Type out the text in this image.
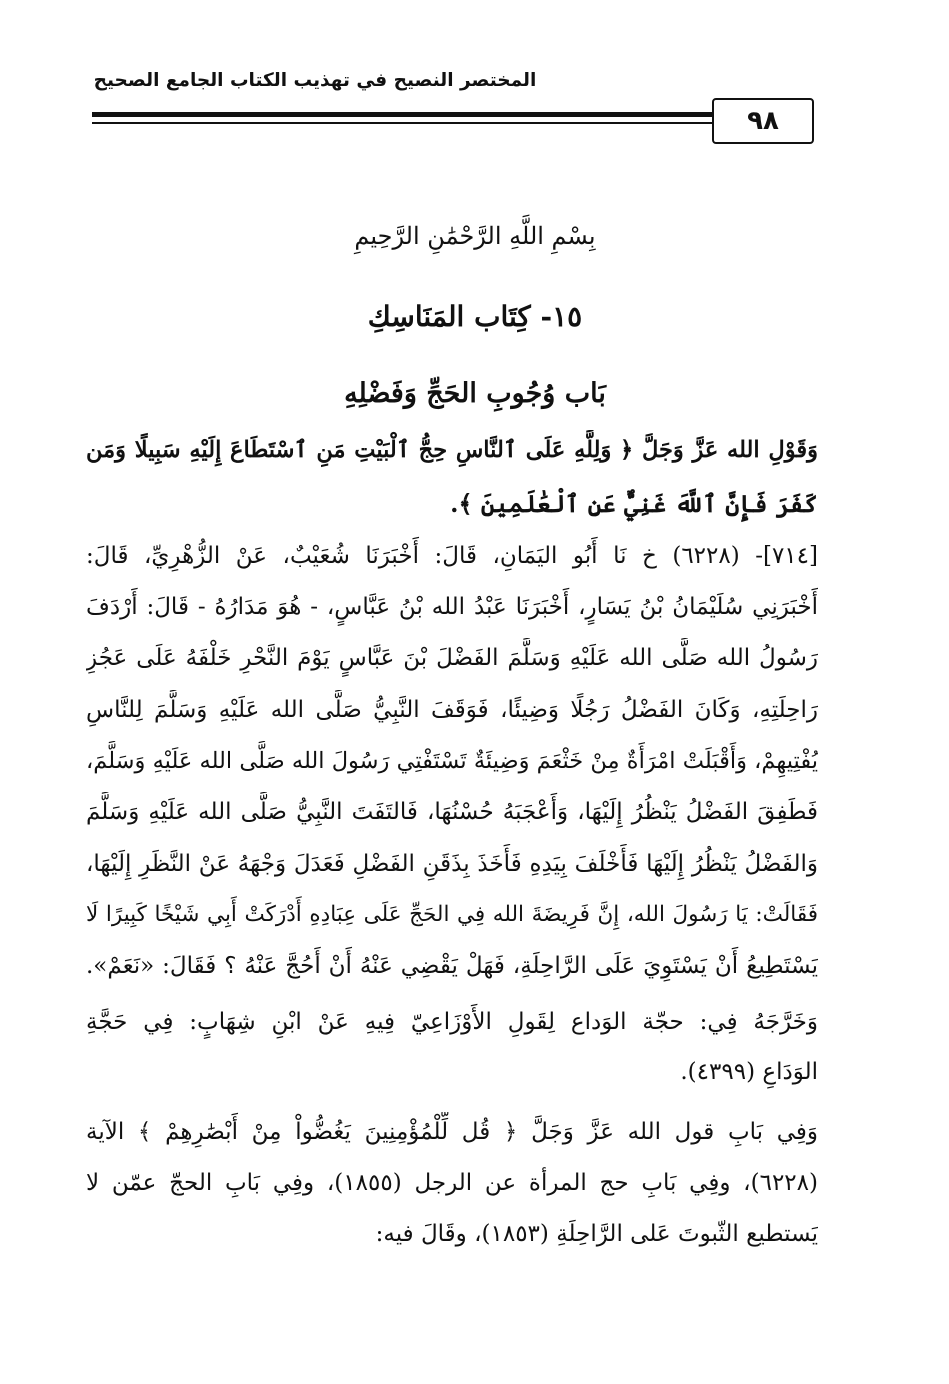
المختصر النصيح في تهذيب الكتاب الجامع الصحيح
٩٨
بِسْمِ اللَّهِ الرَّحْمَٰنِ الرَّحِيمِ
١٥- كِتَاب المَنَاسِكِ
بَاب وُجُوبِ الحَجِّ وَفَضْلِهِ
وَقَوْلِ الله عَزَّ وَجَلَّ ﴿ وَلِلَّهِ عَلَى ٱلنَّاسِ حِجُّ ٱلْبَيْتِ مَنِ ٱسْتَطَاعَ إِلَيْهِ سَبِيلًا وَمَن
كَفَرَ فَإِنَّ ٱللَّهَ غَنِيٌّ عَنِ ٱلْعَٰلَمِينَ ﴾.
[٧١٤]- (٦٢٢٨) خ نَا أَبُو اليَمَانِ، قَالَ: أَخْبَرَنَا شُعَيْبٌ، عَنْ الزُّهْرِيِّ، قَالَ:
أَخْبَرَنِي سُلَيْمَانُ بْنُ يَسَارٍ، أَخْبَرَنَا عَبْدُ الله بْنُ عَبَّاسٍ، - هُوَ مَدَارُهُ - قَالَ: أَرْدَفَ
رَسُولُ الله صَلَّى الله عَلَيْهِ وَسَلَّمَ الفَضْلَ بْنَ عَبَّاسٍ يَوْمَ النَّحْرِ خَلْفَهُ عَلَى عَجُزِ
رَاحِلَتِهِ، وَكَانَ الفَضْلُ رَجُلًا وَضِيئًا، فَوَقَفَ النَّبِيُّ صَلَّى الله عَلَيْهِ وَسَلَّمَ لِلنَّاسِ
يُفْتِيهِمْ، وَأَقْبَلَتْ امْرَأَةٌ مِنْ خَثْعَمَ وَضِيئَةٌ تَسْتَفْتِي رَسُولَ الله صَلَّى الله عَلَيْهِ وَسَلَّمَ،
فَطَفِقَ الفَضْلُ يَنْظُرُ إِلَيْهَا، وَأَعْجَبَهُ حُسْنُهَا، فَالتَفَتَ النَّبِيُّ صَلَّى الله عَلَيْهِ وَسَلَّمَ
وَالفَضْلُ يَنْظُرُ إِلَيْهَا فَأَخْلَفَ بِيَدِهِ فَأَخَذَ بِذَقَنِ الفَضْلِ فَعَدَلَ وَجْهَهُ عَنْ النَّظَرِ إِلَيْهَا،
فَقَالَتْ: يَا رَسُولَ الله، إِنَّ فَرِيضَةَ الله فِي الحَجِّ عَلَى عِبَادِهِ أَدْرَكَتْ أَبِي شَيْخًا كَبِيرًا لَا
يَسْتَطِيعُ أَنْ يَسْتَوِيَ عَلَى الرَّاحِلَةِ، فَهَلْ يَقْضِي عَنْهُ أَنْ أَحُجَّ عَنْهُ ؟ فَقَالَ: «نَعَمْ».
وَخَرَّجَهُ فِي: حجّة الوَداع لِقَولِ الأَوْزَاعِيّ فِيهِ عَنْ ابْنِ شِهَابٍ: فِي حَجَّةِ
الوَدَاعِ (٤٣٩٩).
وَفِي بَابِ قول الله عَزَّ وَجَلَّ ﴿ قُل لِّلْمُؤْمِنِينَ يَغُضُّواْ مِنْ أَبْصَٰرِهِمْ ﴾ الآية
(٦٢٢٨)، وفِي بَابِ حج المرأة عن الرجل (١٨٥٥)، وفِي بَابِ الحجّ عمّن لا
يَستطيع الثّبوتَ عَلى الرَّاحِلَةِ (١٨٥٣)، وقَالَ فيه:
